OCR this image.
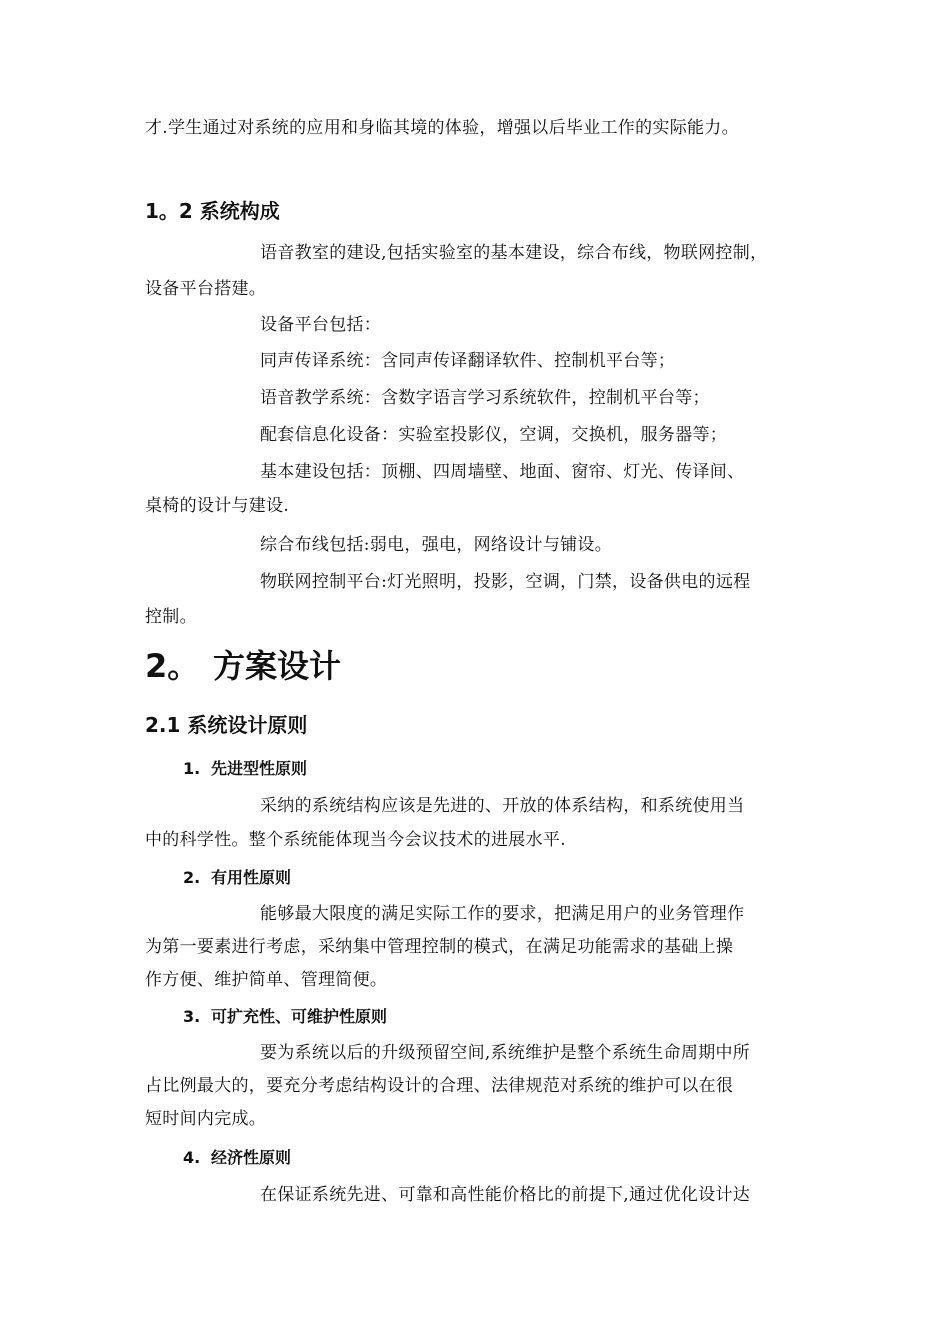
才.学生通过对系统的应用和身临其境的体验，增强以后毕业工作的实际能力。
1。2 系统构成
语音教室的建设,包括实验室的基本建设，综合布线，物联网控制，
设备平台搭建。
设备平台包括：
同声传译系统：含同声传译翻译软件、控制机平台等；
语音教学系统：含数字语言学习系统软件，控制机平台等；
配套信息化设备：实验室投影仪，空调，交换机，服务器等；
基本建设包括：顶棚、四周墙壁、地面、窗帘、灯光、传译间、
桌椅的设计与建设.
综合布线包括:弱电，强电，网络设计与铺设。
物联网控制平台:灯光照明，投影，空调，门禁，设备供电的远程
控制。
2。 方案设计
2.1 系统设计原则
1. 先进型性原则
采纳的系统结构应该是先进的、开放的体系结构，和系统使用当
中的科学性。整个系统能体现当今会议技术的进展水平.
2. 有用性原则
能够最大限度的满足实际工作的要求，把满足用户的业务管理作
为第一要素进行考虑，采纳集中管理控制的模式，在满足功能需求的基础上操
作方便、维护简单、管理简便。
3. 可扩充性、可维护性原则
要为系统以后的升级预留空间,系统维护是整个系统生命周期中所
占比例最大的，要充分考虑结构设计的合理、法律规范对系统的维护可以在很
短时间内完成。
4. 经济性原则
在保证系统先进、可靠和高性能价格比的前提下,通过优化设计达
